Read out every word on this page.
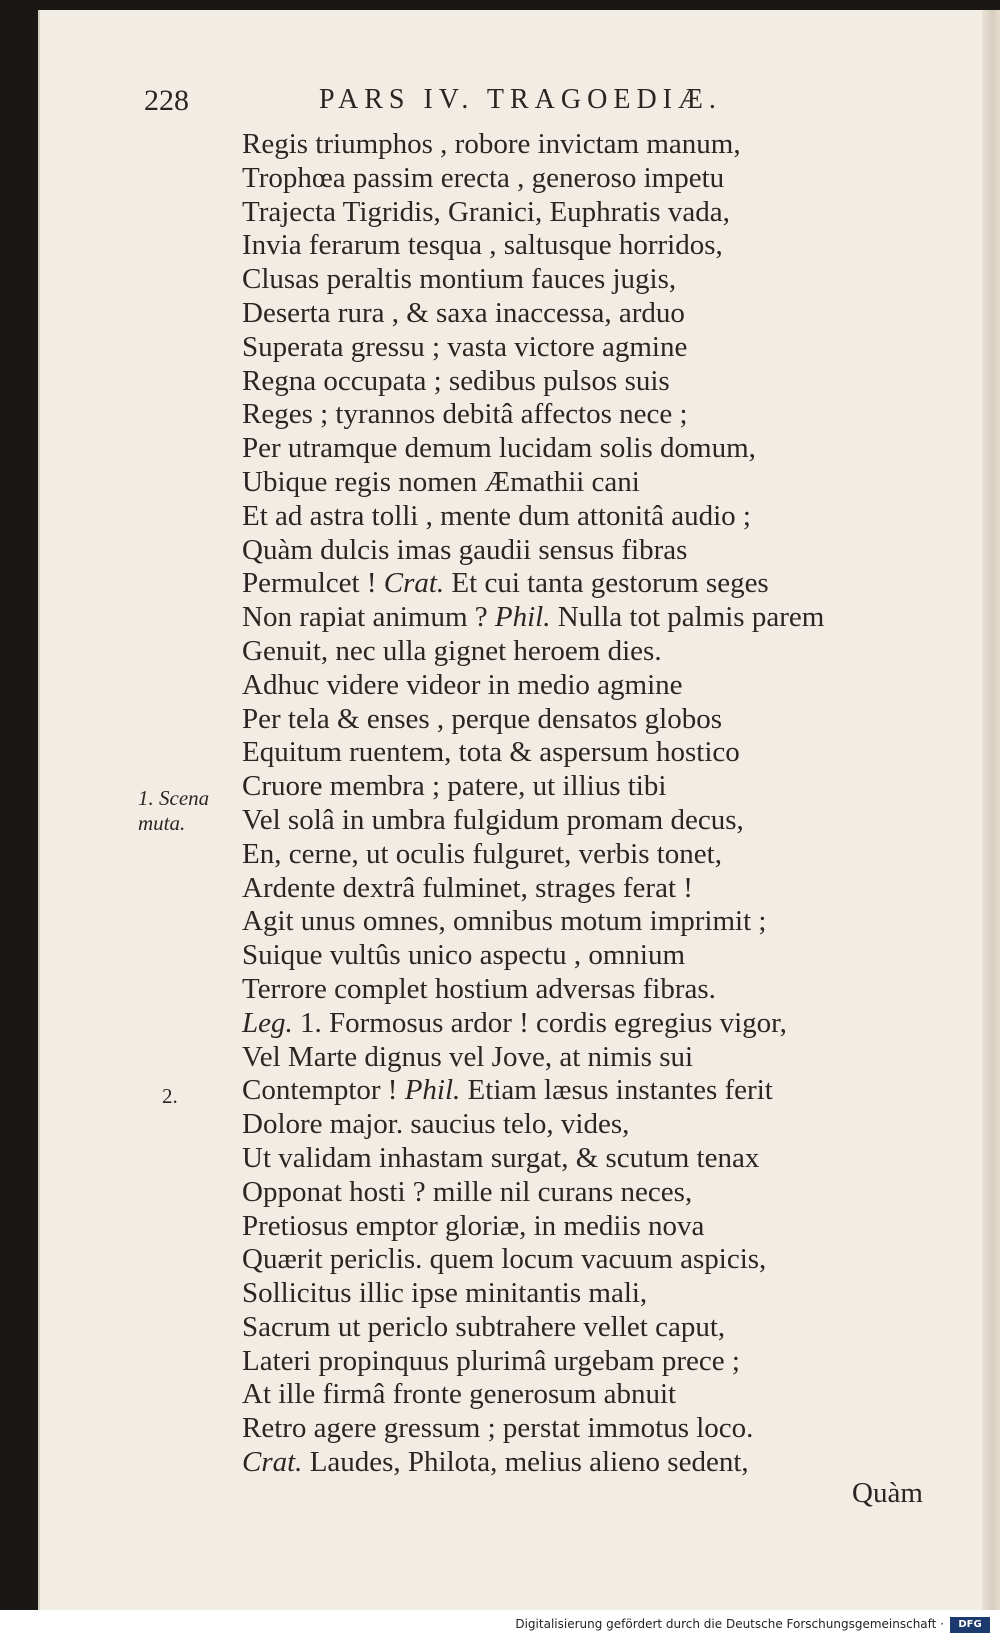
228	PARS IV. TRAGOEDIÆ.
Regis triumphos , robore invictam manum,
Trophœa passim erecta , generoso impetu
Trajecta Tigridis, Granici, Euphratis vada,
Invia ferarum tesqua , saltusque horridos,
Clusas peraltis montium fauces jugis,
Deserta rura , & saxa inaccessa, arduo
Superata gressu ; vasta victore agmine
Regna occupata ; sedibus pulsos suis
Reges ; tyrannos debitâ affectos nece ;
Per utramque demum lucidam solis domum,
Ubique regis nomen Æmathii cani
Et ad astra tolli , mente dum attonitâ audio ;
Quàm dulcis imas gaudii sensus fibras
Permulcet ! Crat. Et cui tanta gestorum seges
Non rapiat animum ? Phil. Nulla tot palmis parem
Genuit, nec ulla gignet heroem dies.
Adhuc videre videor in medio agmine
Per tela & enses , perque densatos globos
Equitum ruentem, tota & aspersum hostico
Cruore membra ; patere, ut illius tibi
Vel solâ in umbra fulgidum promam decus,
En, cerne, ut oculis fulguret, verbis tonet,
Ardente dextrâ fulminet, strages ferat !
Agit unus omnes, omnibus motum imprimit ;
Suique vultûs unico aspectu , omnium
Terrore complet hostium adversas fibras.
Leg. 1. Formosus ardor ! cordis egregius vigor,
Vel Marte dignus vel Jove, at nimis sui
Contemptor ! Phil. Etiam læsus instantes ferit
Dolore major. saucius telo, vides,
Ut validam inhastam surgat, & scutum tenax
Opponat hosti ? mille nil curans neces,
Pretiosus emptor gloriæ, in mediis nova
Quærit periclis. quem locum vacuum aspicis,
Sollicitus illic ipse minitantis mali,
Sacrum ut periclo subtrahere vellet caput,
Lateri propinquus plurimâ urgebam prece ;
At ille firmâ fronte generosum abnuit
Retro agere gressum ; perstat immotus loco.
Crat. Laudes, Philota, melius alieno sedent,
1. Scena
muta.
2.
Quàm
Digitalisierung gefördert durch die Deutsche Forschungsgemeinschaft ·	DFG
